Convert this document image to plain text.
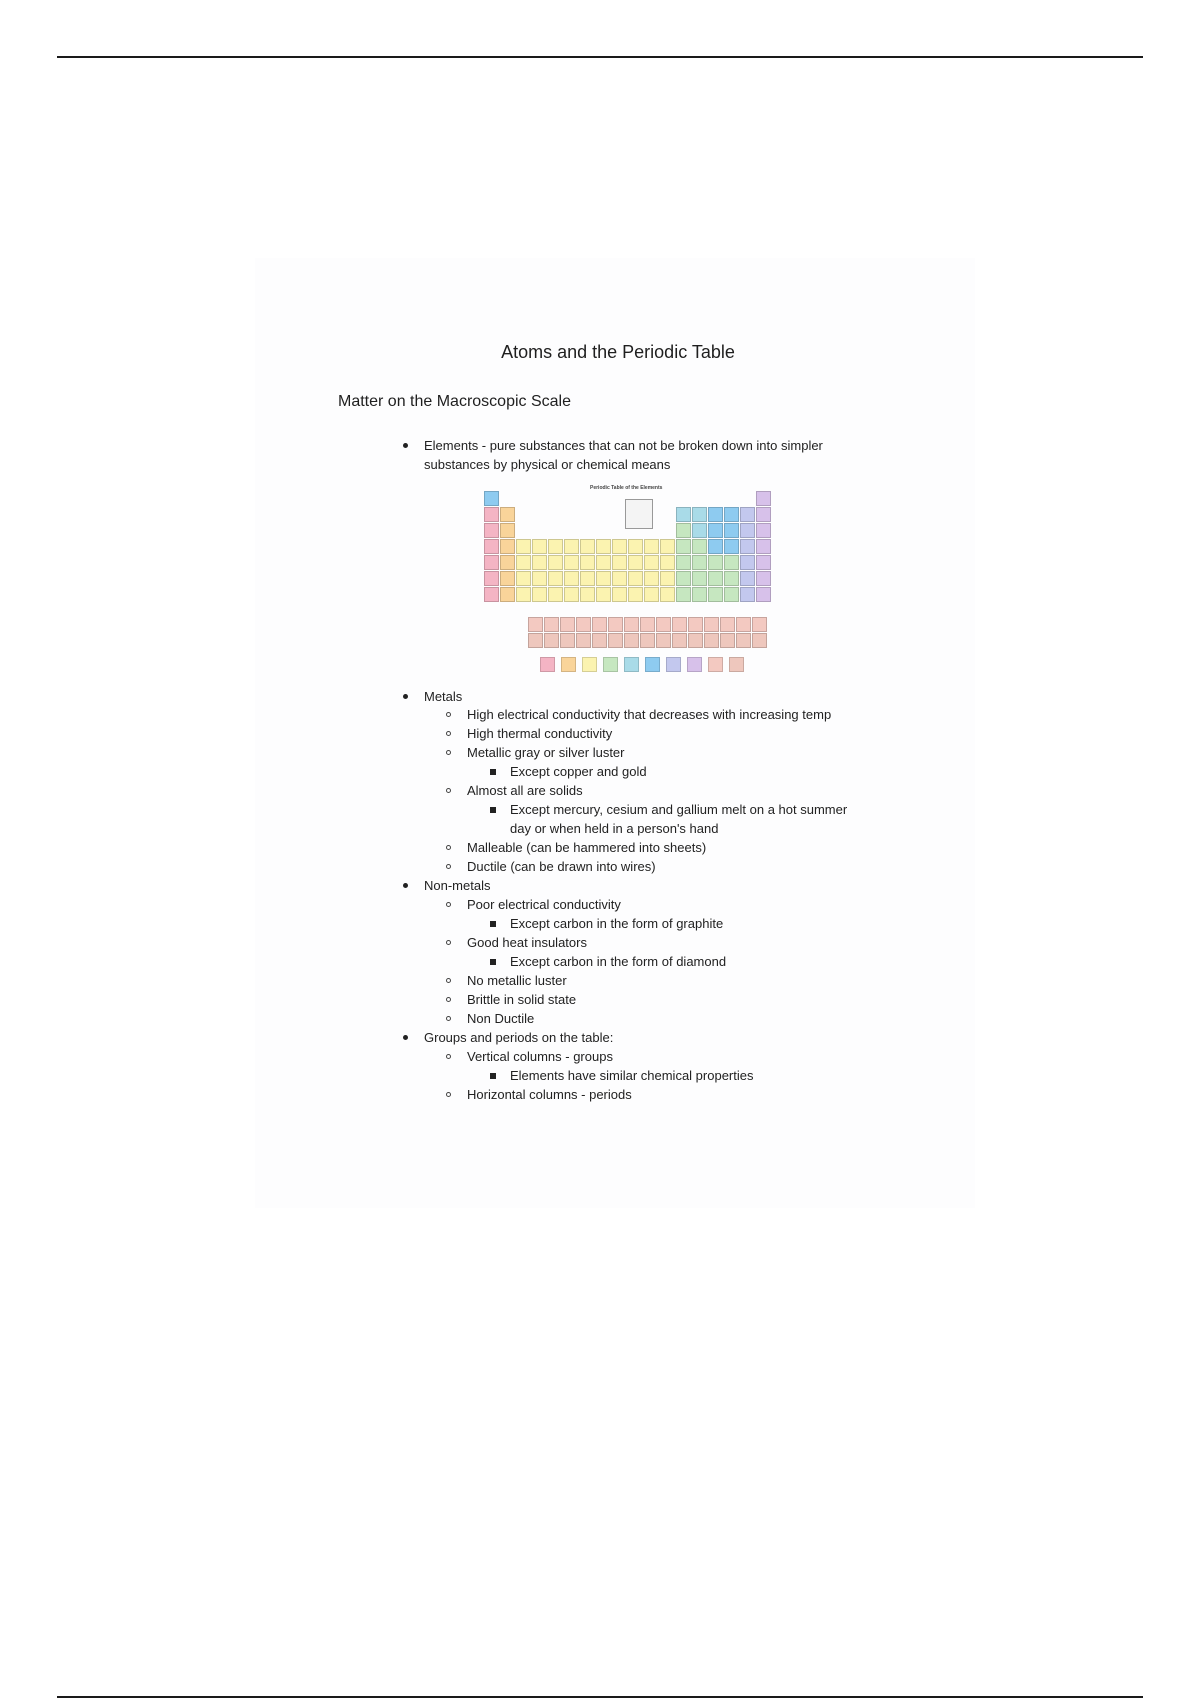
Atoms and the Periodic Table
Matter on the Macroscopic Scale
Periodic Table of the Elements
Elements - pure substances that can not be broken down into simpler
substances by physical or chemical means
Metals
High electrical conductivity that decreases with increasing temp
High thermal conductivity
Metallic gray or silver luster
Except copper and gold
Almost all are solids
Except mercury, cesium and gallium melt on a hot summer
day or when held in a person's hand
Malleable (can be hammered into sheets)
Ductile (can be drawn into wires)
Non-metals
Poor electrical conductivity
Except carbon in the form of graphite
Good heat insulators
Except carbon in the form of diamond
No metallic luster
Brittle in solid state
Non Ductile
Groups and periods on the table:
Vertical columns - groups
Elements have similar chemical properties
Horizontal columns - periods
